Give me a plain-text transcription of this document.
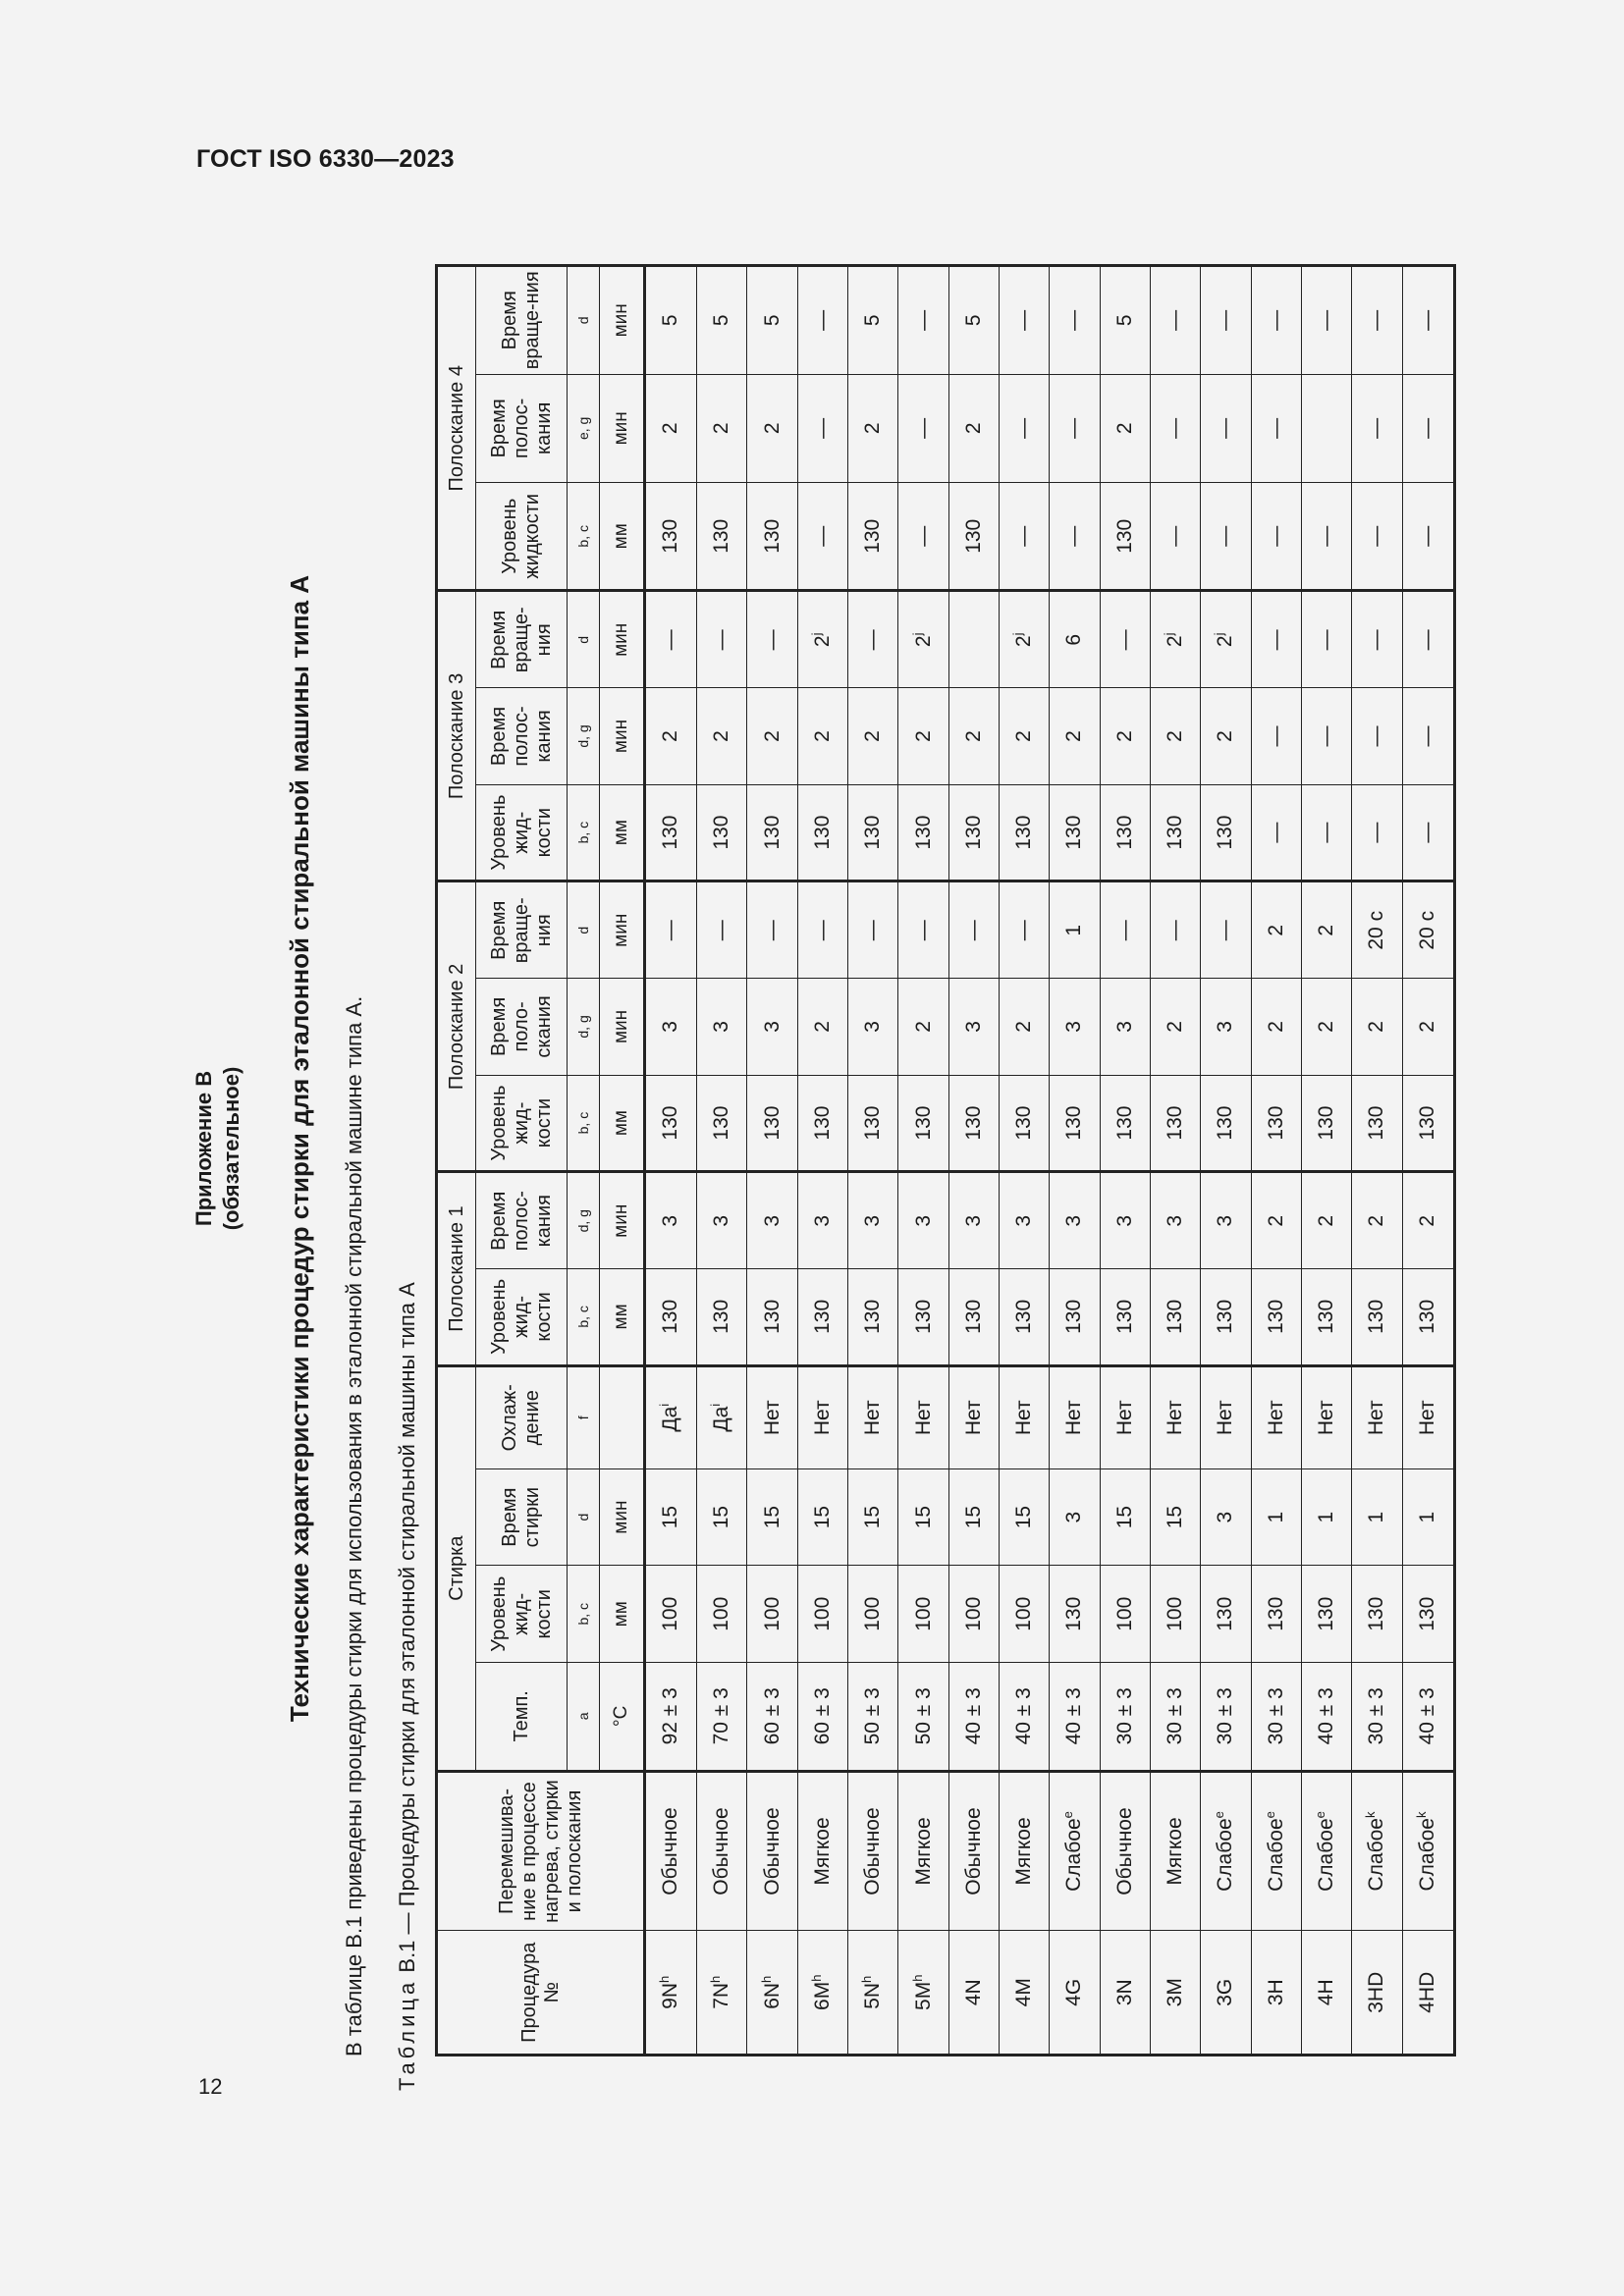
ГОСТ ISO 6330—2023
12
Приложение В (обязательное) Технические характеристики процедур стирки для эталонной стиральной машины типа А В таблице В.1 приведены процедуры стирки для использования в эталонной стиральной машине типа А. Таблица В.1 — Процедуры стирки для эталонной стиральной машины типа А
Процедура №	Перемешива-ние в процессе нагрева, стирки и полоскания	Стирка				Полоскание 1		Полоскание 2			Полоскание 3			Полоскание 4		
		Темп.	Уровень жид-кости	Время стирки	Охлаж-дение	Уровень жид-кости	Время полос-кания	Уровень жид-кости	Время поло-скания	Время враще-ния	Уровень жид-кости	Время полос-кания	Время враще-ния	Уровень жидкости	Время полос-кания	Время враще-ния
		a	b, c	d	f	b, c	d, g	b, c	d, g	d	b, c	d, g	d	b, c	e, g	d
		°С	мм	мин		мм	мин	мм	мин	мин	мм	мин	мин	мм	мин	мин
$9N^h$	Обычное	92 ± 3	100	15	$Да^i$	130	3	130	3	—	130	2	—	130	2	5
$7N^h$	Обычное	70 ± 3	100	15	$Да^i$	130	3	130	3	—	130	2	—	130	2	5
$6N^h$	Обычное	60 ± 3	100	15	Нет	130	3	130	3	—	130	2	—	130	2	5
$6M^h$	Мягкое	60 ± 3	100	15	Нет	130	3	130	2	—	130	2	2$^j$	—	—	—
$5N^h$	Обычное	50 ± 3	100	15	Нет	130	3	130	3	—	130	2	—	130	2	5
$5M^h$	Мягкое	50 ± 3	100	15	Нет	130	3	130	2	—	130	2	2$^j$	—	—	—
4N	Обычное	40 ± 3	100	15	Нет	130	3	130	3	—	130	2		130	2	5
4M	Мягкое	40 ± 3	100	15	Нет	130	3	130	2	—	130	2	2$^j$	—	—	—
4G	Слабое$^e$	40 ± 3	130	3	Нет	130	3	130	3	1	130	2	6	—	—	—
3N	Обычное	30 ± 3	100	15	Нет	130	3	130	3	—	130	2	—	130	2	5
3M	Мягкое	30 ± 3	100	15	Нет	130	3	130	2	—	130	2	2$^j$	—	—	—
3G	Слабое$^e$	30 ± 3	130	3	Нет	130	3	130	3	—	130	2	2$^j$	—	—	—
3H	Слабое$^e$	30 ± 3	130	1	Нет	130	2	130	2	2	—	—	—	—	—	—
4H	Слабое$^e$	40 ± 3	130	1	Нет	130	2	130	2	2	—	—	—	—		—
3HD	Слабое$^k$	30 ± 3	130	1	Нет	130	2	130	2	20 с	—	—	—	—	—	—
4HD	Слабое$^k$	40 ± 3	130	1	Нет	130	2	130	2	20 с	—	—	—	—	—	—
